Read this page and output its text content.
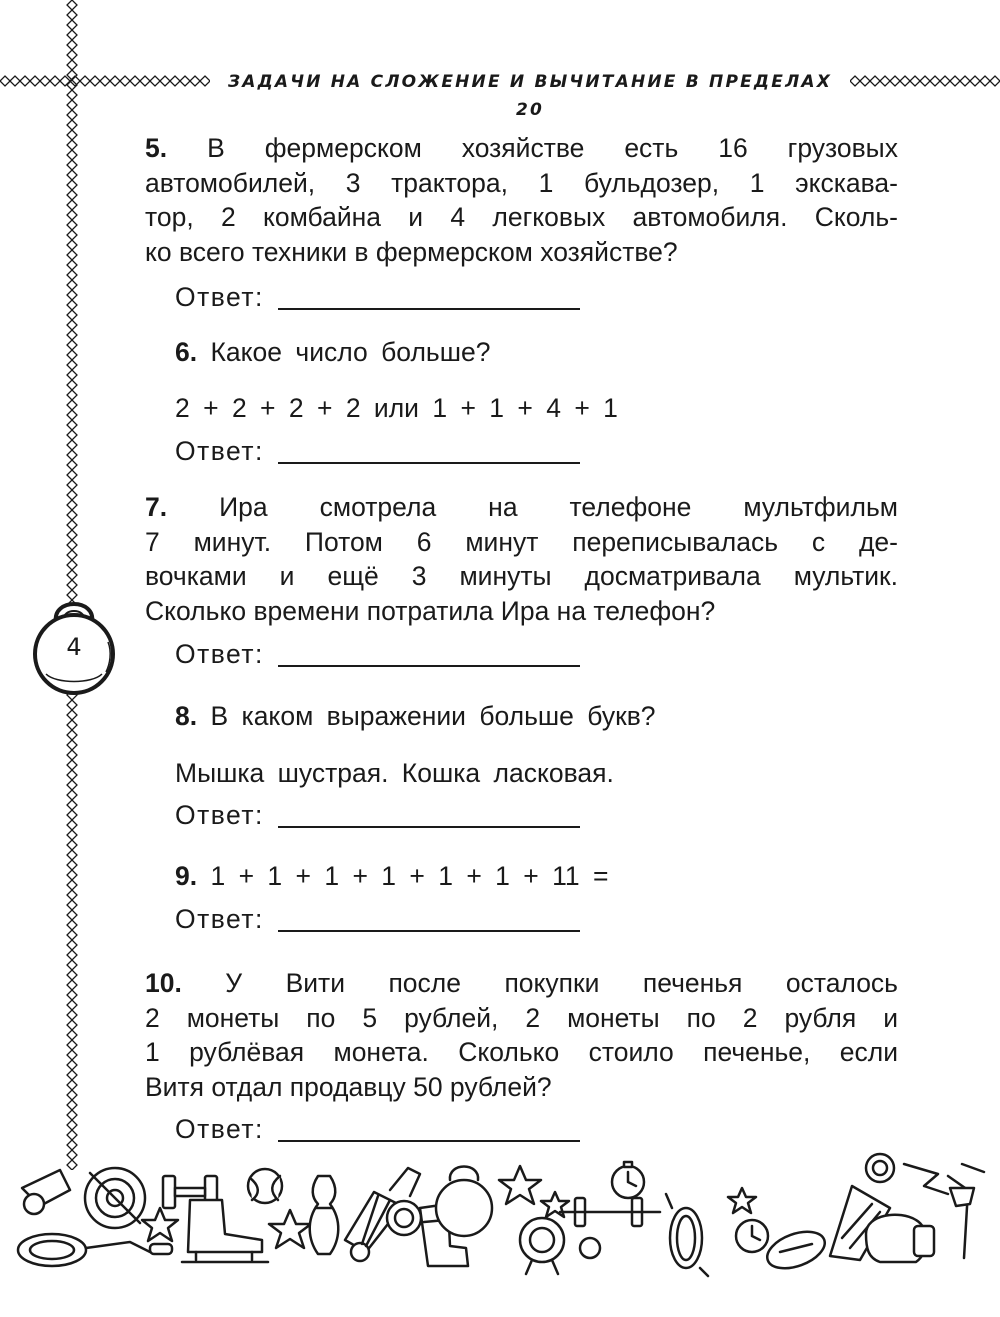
ЗАДАЧИ НА СЛОЖЕНИЕ И ВЫЧИТАНИЕ В ПРЕДЕЛАХ 20
4

5. В фермерском хозяйстве есть 16 грузовых

автомобилей, 3 трактора, 1 бульдозер, 1 экскава-

тор, 2 комбайна и 4 легковых автомобиля. Сколь-

ко всего техники в фермерском хозяйстве?

Ответ:
6. Какое число больше?
2 + 2 + 2 + 2 или 1 + 1 + 4 + 1
Ответ:

7. Ира смотрела на телефоне мультфильм

7 минут. Потом 6 минут переписывалась с де-

вочками и ещё 3 минуты досматривала мультик.

Сколько времени потратила Ира на телефон?

Ответ:
8. В каком выражении больше букв?
Мышка шустрая. Кошка ласковая.
Ответ:
9. 1 + 1 + 1 + 1 + 1 + 1 + 11 =
Ответ:

10. У Вити после покупки печенья осталось

2 монеты по 5 рублей, 2 монеты по 2 рубля и

1 рублёвая монета. Сколько стоило печенье, если

Витя отдал продавцу 50 рублей?

Ответ:
